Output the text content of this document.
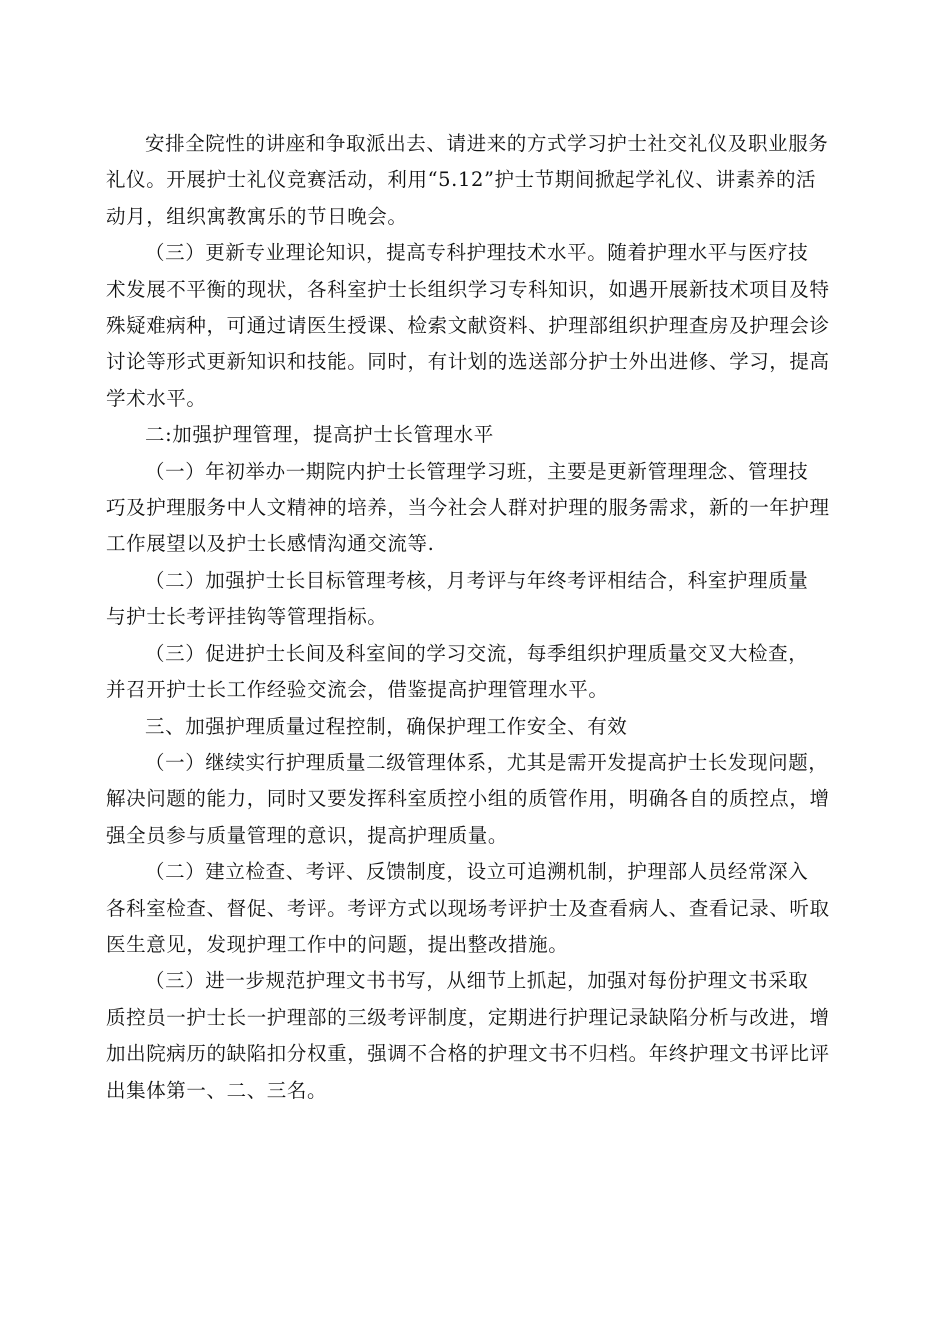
安排全院性的讲座和争取派出去、请进来的方式学习护士社交礼仪及职业服务
礼仪。开展护士礼仪竞赛活动，利用“5.12”护士节期间掀起学礼仪、讲素养的活
动月，组织寓教寓乐的节日晚会。

（三）更新专业理论知识，提高专科护理技术水平。随着护理水平与医疗技
术发展不平衡的现状，各科室护士长组织学习专科知识，如遇开展新技术项目及特
殊疑难病种，可通过请医生授课、检索文献资料、护理部组织护理查房及护理会诊
讨论等形式更新知识和技能。同时，有计划的选送部分护士外出进修、学习，提高
学术水平。

二:加强护理管理，提高护士长管理水平

（一）年初举办一期院内护士长管理学习班，主要是更新管理理念、管理技
巧及护理服务中人文精神的培养，当今社会人群对护理的服务需求，新的一年护理
工作展望以及护士长感情沟通交流等.

（二）加强护士长目标管理考核，月考评与年终考评相结合，科室护理质量
与护士长考评挂钩等管理指标。

（三）促进护士长间及科室间的学习交流，每季组织护理质量交叉大检查，
并召开护士长工作经验交流会，借鉴提高护理管理水平。

三、加强护理质量过程控制，确保护理工作安全、有效

（一）继续实行护理质量二级管理体系，尤其是需开发提高护士长发现问题，
解决问题的能力，同时又要发挥科室质控小组的质管作用，明确各自的质控点，增
强全员参与质量管理的意识，提高护理质量。

（二）建立检查、考评、反馈制度，设立可追溯机制，护理部人员经常深入
各科室检查、督促、考评。考评方式以现场考评护士及查看病人、查看记录、听取
医生意见，发现护理工作中的问题，提出整改措施。

（三）进一步规范护理文书书写，从细节上抓起，加强对每份护理文书采取
质控员一护士长一护理部的三级考评制度，定期进行护理记录缺陷分析与改进，增
加出院病历的缺陷扣分权重，强调不合格的护理文书不归档。年终护理文书评比评
出集体第一、二、三名。
